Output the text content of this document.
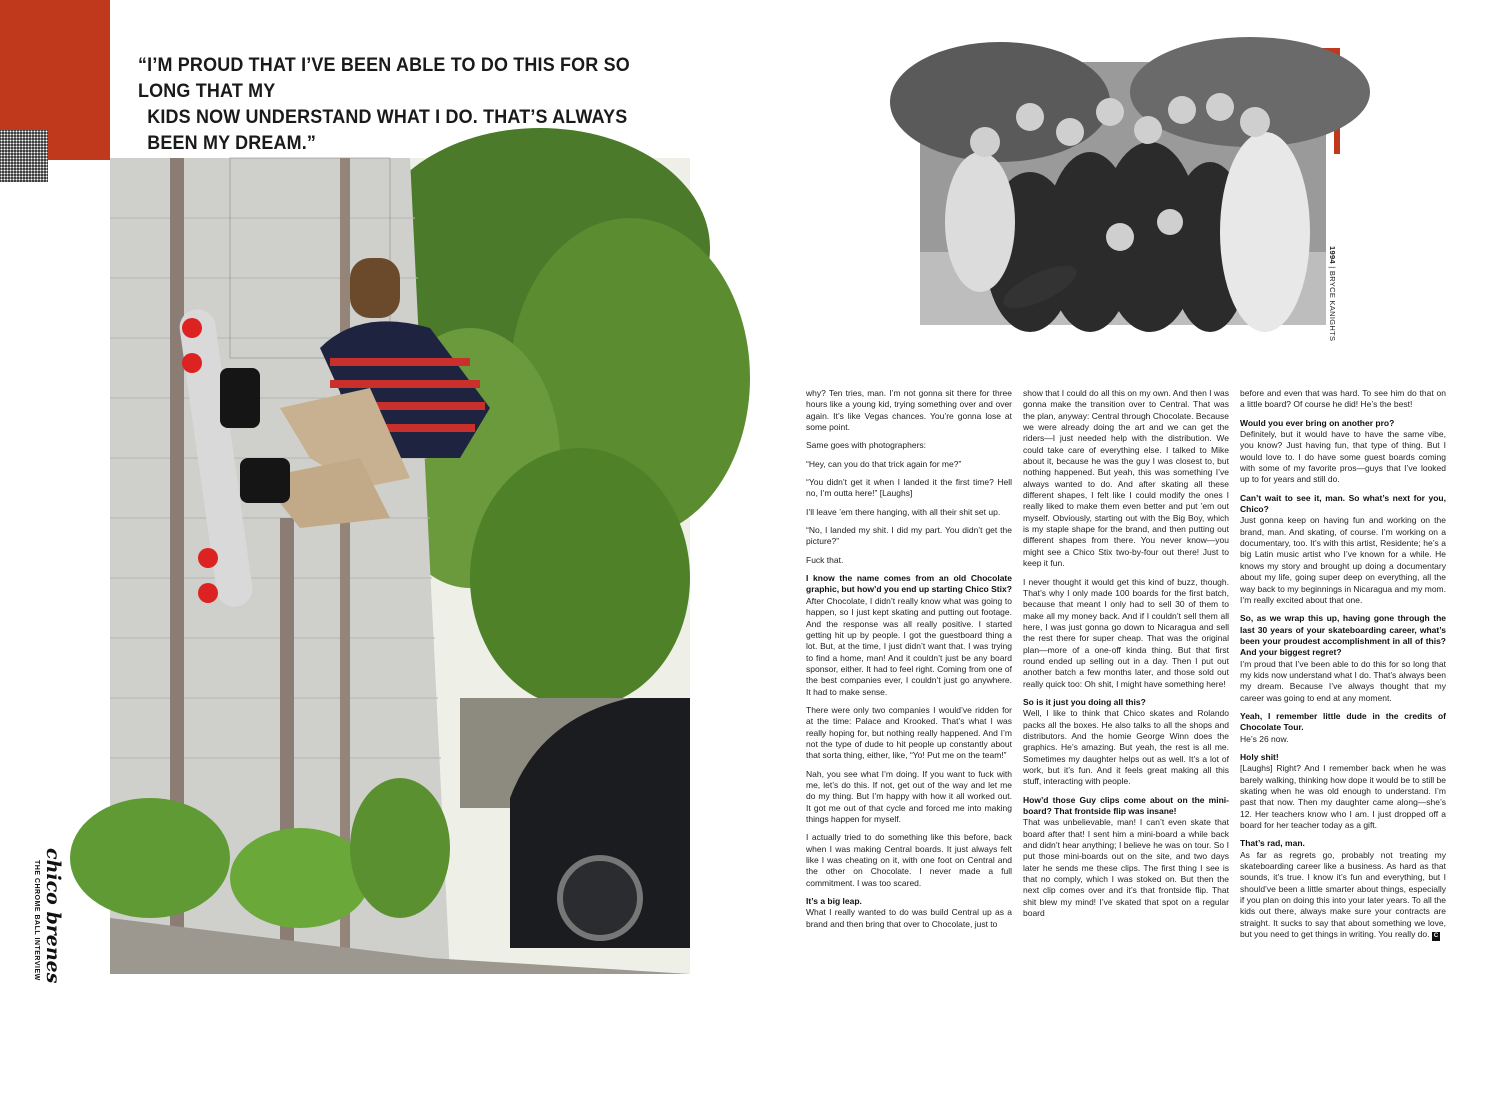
“I’M PROUD THAT I’VE BEEN ABLE TO DO THIS FOR SO LONG THAT MY
KIDS NOW UNDERSTAND WHAT I DO. THAT’S ALWAYS BEEN MY DREAM.”
FRONTSIDE WALLRIDE 2019
SAN FRANCISCO, CA | MECKY OKEUS
chico brenes
THE CHROME BALL INTERVIEW
1994 | BRYCE KANIGHTS

why? Ten tries, man. I’m not gonna sit there for three hours like a young kid, trying something over and over again. It’s like Vegas chances. You’re gonna lose at some point.

Same goes with photographers:

“Hey, can you do that trick again for me?”

“You didn’t get it when I landed it the first time? Hell no, I’m outta here!” [Laughs]

I’ll leave ’em there hanging, with all their shit set up.

“No, I landed my shit. I did my part. You didn’t get the picture?”

Fuck that.

I know the name comes from an old Chocolate graphic, but how’d you end up starting Chico Stix?

After Chocolate, I didn’t really know what was going to happen, so I just kept skating and putting out footage. And the response was all really positive. I started getting hit up by people. I got the guestboard thing a lot. But, at the time, I just didn’t want that. I was trying to find a home, man! And it couldn’t just be any board sponsor, either. It had to feel right. Coming from one of the best companies ever, I couldn’t just go anywhere. It had to make sense.

There were only two companies I would’ve ridden for at the time: Palace and Krooked. That’s what I was really hoping for, but nothing really happened. And I’m not the type of dude to hit people up constantly about that sorta thing, either, like, “Yo! Put me on the team!”

Nah, you see what I’m doing. If you want to fuck with me, let’s do this. If not, get out of the way and let me do my thing. But I’m happy with how it all worked out. It got me out of that cycle and forced me into making things happen for myself.

I actually tried to do something like this before, back when I was making Central boards. It just always felt like I was cheating on it, with one foot on Central and the other on Chocolate. I never made a full commitment. I was too scared.

It’s a big leap.

What I really wanted to do was build Central up as a brand and then bring that over to Chocolate, just to

show that I could do all this on my own. And then I was gonna make the transition over to Central. That was the plan, anyway: Central through Chocolate. Because we were already doing the art and we can get the riders—I just needed help with the distribution. We could take care of everything else. I talked to Mike about it, because he was the guy I was closest to, but nothing happened. But yeah, this was something I’ve always wanted to do. And after skating all these different shapes, I felt like I could modify the ones I really liked to make them even better and put ’em out myself. Obviously, starting out with the Big Boy, which is my staple shape for the brand, and then putting out different shapes from there. You never know—you might see a Chico Stix two-by-four out there! Just to keep it fun.

I never thought it would get this kind of buzz, though. That’s why I only made 100 boards for the first batch, because that meant I only had to sell 30 of them to make all my money back. And if I couldn’t sell them all here, I was just gonna go down to Nicaragua and sell the rest there for super cheap. That was the original plan—more of a one-off kinda thing. But that first round ended up selling out in a day. Then I put out another batch a few months later, and those sold out really quick too: Oh shit, I might have something here!

So is it just you doing all this?

Well, I like to think that Chico skates and Rolando packs all the boxes. He also talks to all the shops and distributors. And the homie George Winn does the graphics. He’s amazing. But yeah, the rest is all me. Sometimes my daughter helps out as well. It’s a lot of work, but it’s fun. And it feels great making all this stuff, interacting with people.

How’d those Guy clips come about on the mini-board? That frontside flip was insane!

That was unbelievable, man! I can’t even skate that board after that! I sent him a mini-board a while back and didn’t hear anything; I believe he was on tour. So I put those mini-boards out on the site, and two days later he sends me these clips. The first thing I see is that no comply, which I was stoked on. But then the next clip comes over and it’s that frontside flip. That shit blew my mind! I’ve skated that spot on a regular board

before and even that was hard. To see him do that on a little board? Of course he did! He’s the best!

Would you ever bring on another pro?

Definitely, but it would have to have the same vibe, you know? Just having fun, that type of thing. But I would love to. I do have some guest boards coming with some of my favorite pros—guys that I’ve looked up to for years and still do.

Can’t wait to see it, man. So what’s next for you, Chico?

Just gonna keep on having fun and working on the brand, man. And skating, of course. I’m working on a documentary, too. It’s with this artist, Residente; he’s a big Latin music artist who I’ve known for a while. He knows my story and brought up doing a documentary about my life, going super deep on everything, all the way back to my beginnings in Nicaragua and my mom. I’m really excited about that one.

So, as we wrap this up, having gone through the last 30 years of your skateboarding career, what’s been your proudest accomplishment in all of this? And your biggest regret?

I’m proud that I’ve been able to do this for so long that my kids now understand what I do. That’s always been my dream. Because I’ve always thought that my career was going to end at any moment.

Yeah, I remember little dude in the credits of Chocolate Tour.

He’s 26 now.

Holy shit!

[Laughs] Right? And I remember back when he was barely walking, thinking how dope it would be to still be skating when he was old enough to understand. I’m past that now. Then my daughter came along—she’s 12. Her teachers know who I am. I just dropped off a board for her teacher today as a gift.

That’s rad, man.

As far as regrets go, probably not treating my skateboarding career like a business. As hard as that sounds, it’s true. I know it’s fun and everything, but I should’ve been a little smarter about things, especially if you plan on doing this into your later years. To all the kids out there, always make sure your contracts are straight. It sucks to say that about something we love, but you need to get things in writing. You really do. C
